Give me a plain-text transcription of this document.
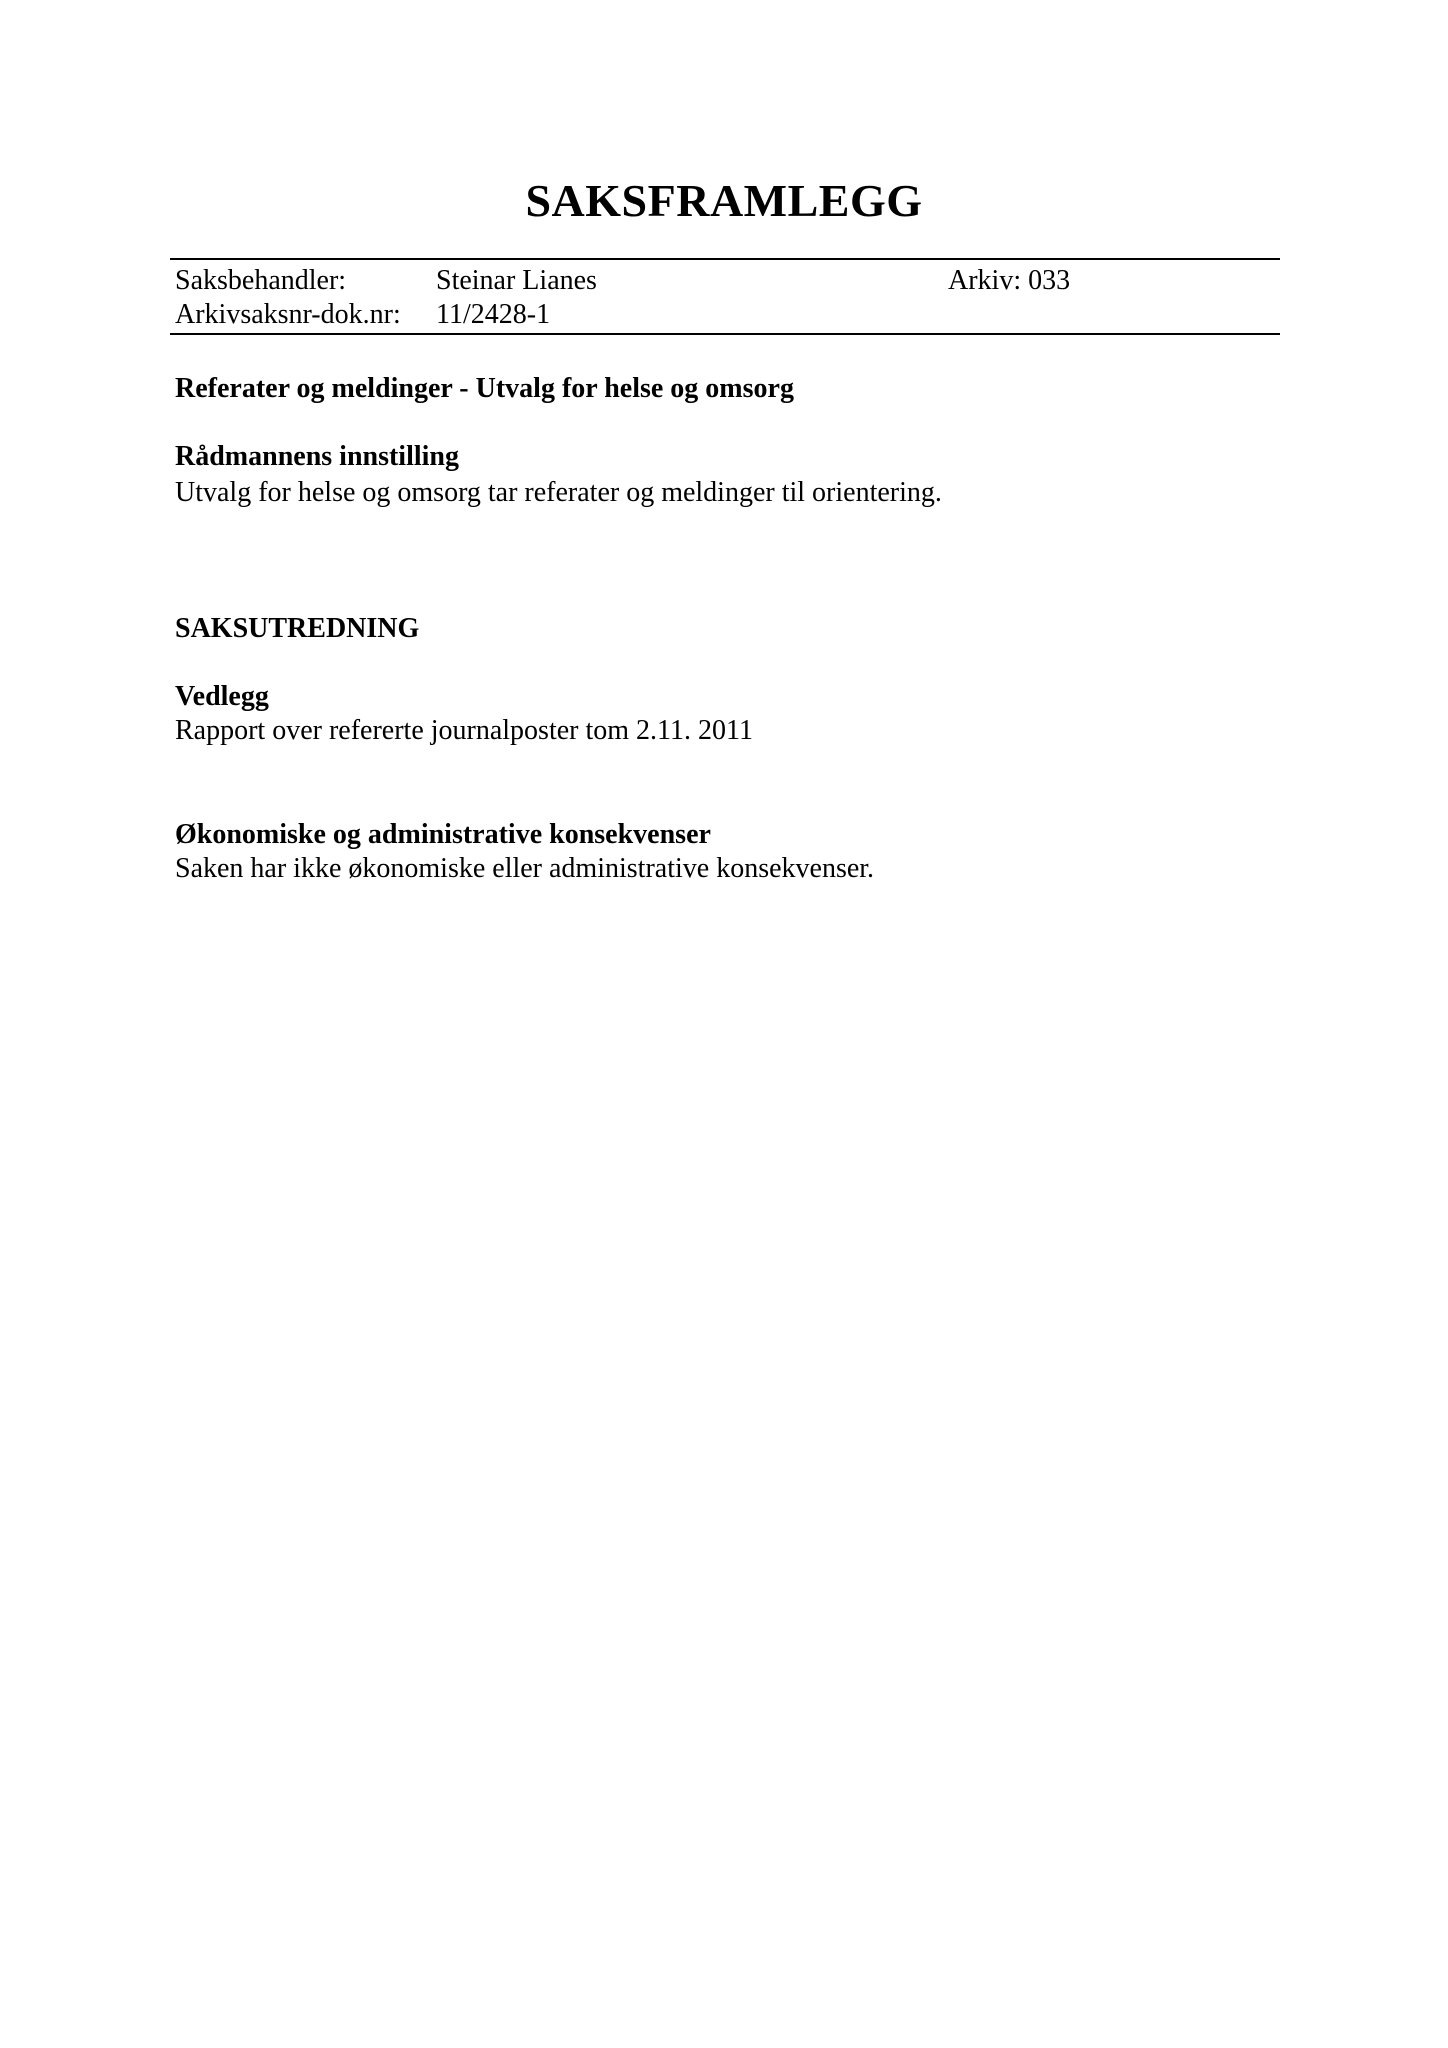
SAKSFRAMLEGG
Saksbehandler:	Steinar Lianes	Arkiv: 033
Arkivsaksnr-dok.nr: 11/2428-1
Referater og meldinger - Utvalg for helse og omsorg
Rådmannens innstilling
Utvalg for helse og omsorg tar referater og meldinger til orientering.
SAKSUTREDNING
Vedlegg
Rapport over refererte journalposter tom 2.11. 2011
Økonomiske og administrative konsekvenser
Saken har ikke økonomiske eller administrative konsekvenser.
